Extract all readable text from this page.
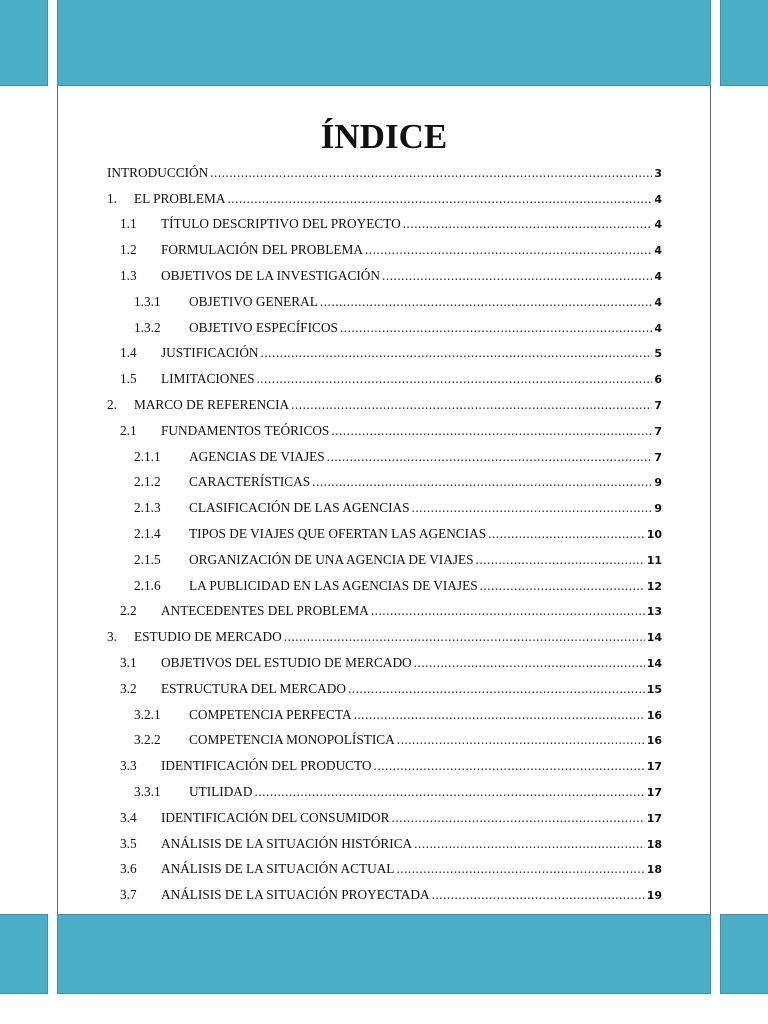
ÍNDICE
INTRODUCCIÓN .....	3
1.	EL PROBLEMA .....	4
1.1	TÍTULO DESCRIPTIVO DEL PROYECTO .....	4
1.2	FORMULACIÓN DEL PROBLEMA .....	4
1.3	OBJETIVOS DE LA INVESTIGACIÓN .....	4
1.3.1	OBJETIVO GENERAL .....	4
1.3.2	OBJETIVO ESPECÍFICOS .....	4
1.4	JUSTIFICACIÓN .....	5
1.5	LIMITACIONES .....	6
2.	MARCO DE REFERENCIA .....	7
2.1	FUNDAMENTOS TEÓRICOS .....	7
2.1.1	AGENCIAS DE VIAJES .....	7
2.1.2	CARACTERÍSTICAS .....	9
2.1.3	CLASIFICACIÓN DE LAS AGENCIAS .....	9
2.1.4	TIPOS DE VIAJES QUE OFERTAN LAS AGENCIAS .....	10
2.1.5	ORGANIZACIÓN DE UNA AGENCIA DE VIAJES .....	11
2.1.6	LA PUBLICIDAD EN LAS AGENCIAS DE VIAJES .....	12
2.2	ANTECEDENTES DEL PROBLEMA .....	13
3.	ESTUDIO DE MERCADO .....	14
3.1	OBJETIVOS DEL ESTUDIO DE MERCADO .....	14
3.2	ESTRUCTURA DEL MERCADO .....	15
3.2.1	COMPETENCIA PERFECTA .....	16
3.2.2	COMPETENCIA MONOPOLÍSTICA .....	16
3.3	IDENTIFICACIÓN DEL PRODUCTO .....	17
3.3.1	UTILIDAD .....	17
3.4	IDENTIFICACIÓN DEL CONSUMIDOR .....	17
3.5	ANÁLISIS DE LA SITUACIÓN HISTÓRICA .....	18
3.6	ANÁLISIS DE LA SITUACIÓN ACTUAL .....	18
3.7	ANÁLISIS DE LA SITUACIÓN PROYECTADA .....	19
